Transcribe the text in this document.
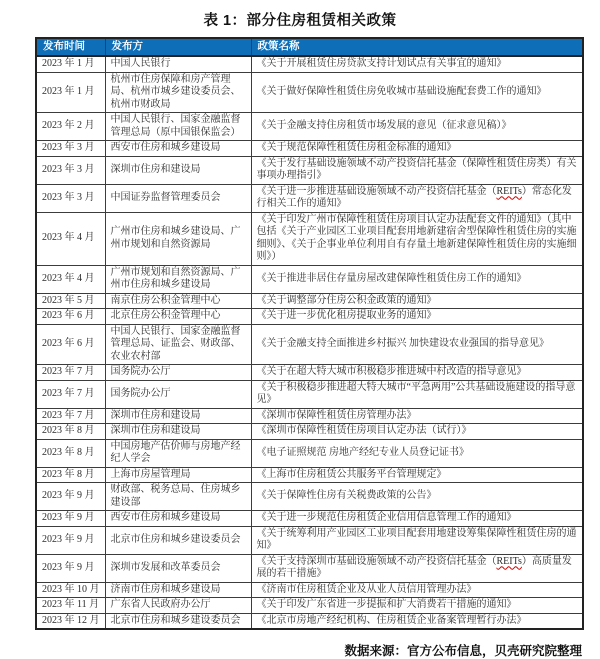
表 1：部分住房租赁相关政策
发布时间	发布方	政策名称
2023 年 1 月	中国人民银行	《关于开展租赁住房贷款支持计划试点有关事宜的通知》
2023 年 1 月	杭州市住房保障和房产管理局、杭州市城乡建设委员会、杭州市财政局	《关于做好保障性租赁住房免收城市基础设施配套费工作的通知》
2023 年 2 月	中国人民银行、国家金融监督管理总局（原中国银保监会）	《关于金融支持住房租赁市场发展的意见（征求意见稿）》
2023 年 3 月	西安市住房和城乡建设局	《关于规范保障性租赁住房租金标准的通知》
2023 年 3 月	深圳市住房和建设局	《关于发行基础设施领域不动产投资信托基金（保障性租赁住房类）有关事项办理指引》
2023 年 3 月	中国证券监督管理委员会	《关于进一步推进基础设施领域不动产投资信托基金（REITs）常态化发行相关工作的通知》
2023 年 4 月	广州市住房和城乡建设局、广州市规划和自然资源局	《关于印发广州市保障性租赁住房项目认定办法配套文件的通知》（其中包括《关于产业园区工业项目配套用地新建宿舍型保障性租赁住房的实施细则》、《关于企事业单位利用自有存量土地新建保障性租赁住房的实施细则》）
2023 年 4 月	广州市规划和自然资源局、广州市住房和城乡建设局	《关于推进非居住存量房屋改建保障性租赁住房工作的通知》
2023 年 5 月	南京住房公积金管理中心	《关于调整部分住房公积金政策的通知》
2023 年 6 月	北京住房公积金管理中心	《关于进一步优化租房提取业务的通知》
2023 年 6 月	中国人民银行、国家金融监督管理总局、证监会、财政部、农业农村部	《关于金融支持全面推进乡村振兴 加快建设农业强国的指导意见》
2023 年 7 月	国务院办公厅	《关于在超大特大城市积极稳步推进城中村改造的指导意见》
2023 年 7 月	国务院办公厅	《关于积极稳步推进超大特大城市“平急两用”公共基础设施建设的指导意见》
2023 年 7 月	深圳市住房和建设局	《深圳市保障性租赁住房管理办法》
2023 年 8 月	深圳市住房和建设局	《深圳市保障性租赁住房项目认定办法（试行）》
2023 年 8 月	中国房地产估价师与房地产经纪人学会	《电子证照规范 房地产经纪专业人员登记证书》
2023 年 8 月	上海市房屋管理局	《上海市住房租赁公共服务平台管理规定》
2023 年 9 月	财政部、税务总局、住房城乡建设部	《关于保障性住房有关税费政策的公告》
2023 年 9 月	西安市住房和城乡建设局	《关于进一步规范住房租赁企业信用信息管理工作的通知》
2023 年 9 月	北京市住房和城乡建设委员会	《关于统筹利用产业园区工业项目配套用地建设筹集保障性租赁住房的通知》
2023 年 9 月	深圳市发展和改革委员会	《关于支持深圳市基础设施领域不动产投资信托基金（REITs）高质量发展的若干措施》
2023 年 10 月	济南市住房和城乡建设局	《济南市住房租赁企业及从业人员信用管理办法》
2023 年 11 月	广东省人民政府办公厅	《关于印发广东省进一步提振和扩大消费若干措施的通知》
2023 年 12 月	北京市住房和城乡建设委员会	《北京市房地产经纪机构、住房租赁企业备案管理暂行办法》
数据来源：官方公布信息，贝壳研究院整理
